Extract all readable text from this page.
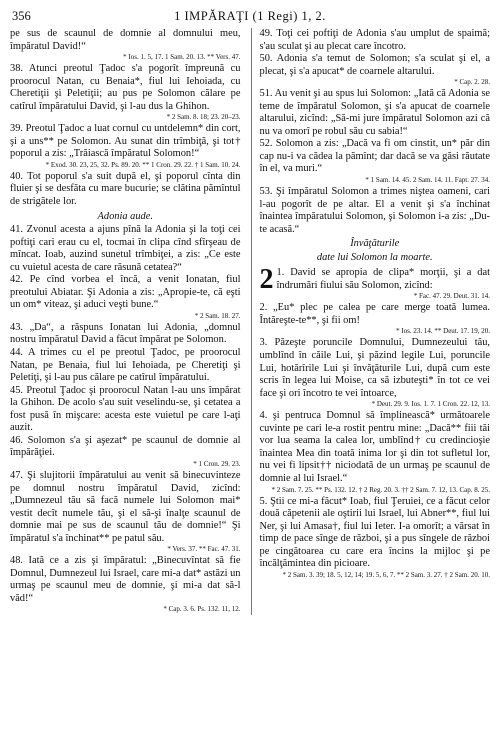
356	1 IMPĂRAŢI (1 Regi) 1, 2.

pe sus de scaunul de domnie al domnului meu, împăratul David!“

* Ios. 1. 5, 17. 1 Sam. 20. 13. ** Vers. 47.

38. Atunci preotul Ţadoc s'a pogorît împreună cu proorocul Natan, cu Benaia*, fiul lui Iehoiada, cu Cheretiţii şi Peletiţii; au pus pe Solomon călare pe catîrul împăratului David, şi l-au dus la Ghihon.

* 2 Sam. 8. 18; 23. 20–23.

39. Preotul Ţadoc a luat cornul cu untdelemn* din cort, şi a uns** pe Solomon. Au sunat din trîmbiţă, şi tot† poporul a zis: „Trăiască împăratul Solomon!“

* Exod. 30. 23, 25, 32. Ps. 89. 20. ** 1 Cron. 29. 22. † 1 Sam. 10. 24.

40. Tot poporul s'a suit după el, şi poporul cînta din fluier şi se desfăta cu mare bucurie; se clătina pămîntul de strigătele lor.

Adonia aude.

41. Zvonul acesta a ajuns pînă la Adonia şi la toţi cei poftiţi cari erau cu el, tocmai în clipa cînd sfîrşeau de mîncat. Ioab, auzind sunetul trîmbiţei, a zis: „Ce este cu vuietul acesta de care răsună cetatea?“

42. Pe cînd vorbea el încă, a venit Ionatan, fiul preotului Abiatar. Şi Adonia a zis: „Apropie-te, că eşti un om* viteaz, şi aduci veşti bune.“

* 2 Sam. 18. 27.

43. „Da“, a răspuns Ionatan lui Adonia, „domnul nostru împăratul David a făcut împărat pe Solomon.

44. A trimes cu el pe preotul Ţadoc, pe proorocul Natan, pe Benaia, fiul lui Iehoiada, pe Cheretiţi şi Peletiţi, şi l-au pus călare pe catîrul împăratului.

45. Preotul Ţadoc şi proorocul Natan l-au uns împărat la Ghihon. De acolo s'au suit veselindu-se, şi cetatea a fost pusă în mişcare: acesta este vuietul pe care l-aţi auzit.

46. Solomon s'a şi aşezat* pe scaunul de domnie al împărăţiei.

* 1 Cron. 29. 23.

47. Şi slujitorii împăratului au venit să binecuvinteze pe domnul nostru împăratul David, zicînd: „Dumnezeul tău să facă numele lui Solomon mai* vestit decît numele tău, şi el să-şi înalţe scaunul de domnie mai pe sus de scaunul tău de domnie!“ Şi împăratul s'a închinat** pe patul său.

* Vers. 37. ** Fac. 47. 31.

48. Iată ce a zis şi împăratul: „Binecuvîntat să fie Domnul, Dumnezeul lui Israel, care mi-a dat* astăzi un urmaş pe scaunul meu de domnie, şi mi-a dat să-l văd!“

* Cap. 3. 6. Ps. 132. 11, 12.

49. Toţi cei poftiţi de Adonia s'au umplut de spaimă; s'au sculat şi au plecat care încotro.

50. Adonia s'a temut de Solomon; s'a sculat şi el, a plecat, şi s'a apucat* de coarnele altarului.

* Cap. 2. 28.

51. Au venit şi au spus lui Solomon: „Iată că Adonia se teme de împăratul Solomon, şi s'a apucat de coarnele altarului, zicînd: „Să-mi jure împăratul Solomon azi că nu va omorî pe robul său cu sabia!“

52. Solomon a zis: „Dacă va fi om cinstit, un* păr din cap nu-i va cădea la pămînt; dar dacă se va găsi răutate în el, va muri.“

* 1 Sam. 14. 45. 2 Sam. 14. 11. Fapt. 27. 34.

53. Şi împăratul Solomon a trimes niştea oameni, cari l-au pogorît de pe altar. El a venit şi s'a închinat înaintea împăratului Solomon, şi Solomon i-a zis: „Du-te acasă.“

Învăţăturile
date lui Solomon la moarte.

2 1. David se apropia de clipa* morţii, şi a dat îndrumări fiului său Solomon, zicînd:

* Fac. 47. 29. Deut. 31. 14.

2. „Eu* plec pe calea pe care merge toată lumea. Întăreşte-te**, şi fii om!

* Ios. 23. 14. ** Deut. 17. 19, 20.

3. Păzeşte poruncile Domnului, Dumnezeului tău, umblînd în căile Lui, şi păzind legile Lui, poruncile Lui, hotărîrile Lui şi învăţăturile Lui, după cum este scris în legea lui Moise, ca să izbuteşti* în tot ce vei face şi ori încotro te vei întoarce,

* Deut. 29. 9. Ios. 1. 7. 1 Cron. 22. 12, 13.

4. şi pentruca Domnul să împlinească* următoarele cuvinte pe cari le-a rostit pentru mine: „Dacă** fiii tăi vor lua seama la calea lor, umblînd† cu credincioşie înaintea Mea din toată inima lor şi din tot sufletul lor, nu vei fi lipsit†† niciodată de un urmaş pe scaunul de domnie al lui Israel.“

* 2 Sam. 7. 25. ** Ps. 132. 12. † 2 Reg. 20. 3. †† 2 Sam. 7. 12, 13. Cap. 8. 25.

5. Ştii ce mi-a făcut* Ioab, fiul Ţeruiei, ce a făcut celor două căpetenii ale oştirii lui Israel, lui Abner**, fiul lui Ner, şi lui Amasa†, fiul lui Ieter. I-a omorît; a vărsat în timp de pace sînge de război, şi a pus sîngele de război pe cingătoarea cu care era încins la mijloc şi pe încălţămintea din picioare.

* 2 Sam. 3. 39; 18. 5, 12, 14; 19. 5, 6, 7. ** 2 Sam. 3. 27. † 2 Sam. 20. 10.
